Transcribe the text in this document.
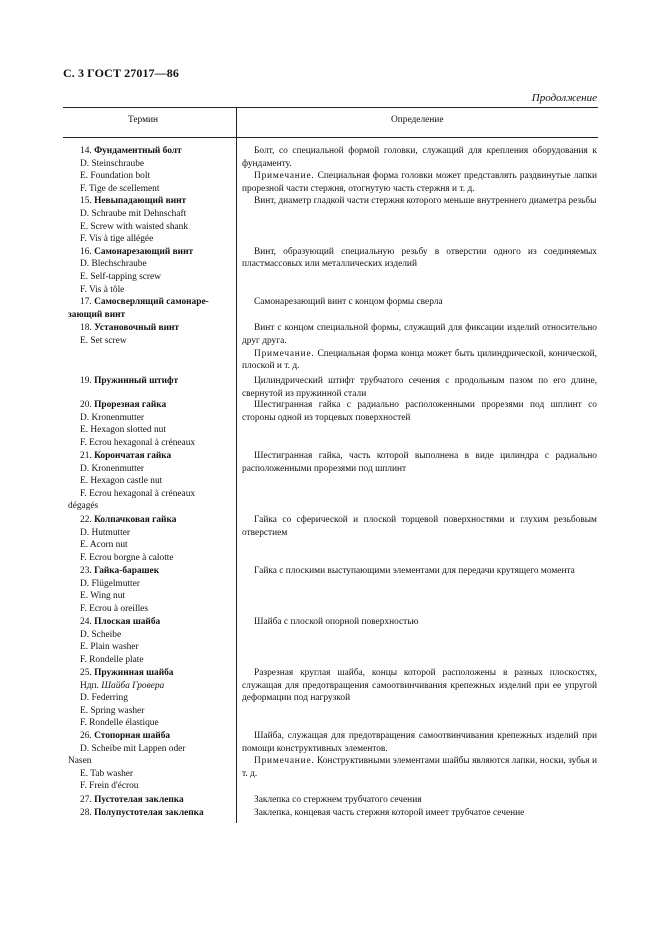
С. 3 ГОСТ 27017—86
Продолжение
Термин	Определение
14. Фундаментный болт
D. Steinschraube
E. Foundation bolt
F. Tige de scellement
15. Невыпадающий винт
D. Schraube mit Dehnschaft
E. Screw with waisted shank
F. Vis à tige allégée
16. Самонарезающий винт
D. Blechschraube
E. Self-tapping screw
F. Vis à tôle
17. Самосверлящий самонаре-
зающий винт
18. Установочный винт
E. Set screw
19. Пружинный штифт
20. Прорезная гайка
D. Kronenmutter
E. Hexagon slotted nut
F. Ecrou hexagonal à créneaux
21. Корончатая гайка
D. Kronenmutter
E. Hexagon castle nut
F. Ecrou hexagonal à créneaux
dégagés
22. Колпачковая гайка
D. Hutmutter
E. Acorn nut
F. Ecrou borgne à calotte
23. Гайка-барашек
D. Flügelmutter
E. Wing nut
F. Ecrou à oreilles
24. Плоская шайба
D. Scheibe
E. Plain washer
F. Rondelle plate
25. Пружинная шайба
Ндп. Шайба Гровера
D. Federring
E. Spring washer
F. Rondelle élastique
26. Стопорная шайба
D. Scheibe mit Lappen oder
Nasen
E. Tab washer
F. Frein d'écrou
27. Пустотелая заклепка
28. Полупустотелая заклепка
Болт, со специальной формой головки, служащий для крепления оборудования к фундаменту.
Примечание. Специальная форма головки может представлять раздвинутые лапки прорезной части стержня, отогнутую часть стержня и т. д.
Винт, диаметр гладкой части стержня которого меньше внутреннего диаметра резьбы
Винт, образующий специальную резьбу в отверстии одного из соединяемых пластмассовых или металлических изделий
Самонарезающий винт с концом формы сверла
Винт с концом специальной формы, служащий для фиксации изделий относительно друг друга.
Примечание. Специальная форма конца может быть цилиндрической, конической, плоской и т. д.
Цилиндрический штифт трубчатого сечения с продольным пазом по его длине, свернутой из пружинной стали
Шестигранная гайка с радиально расположенными прорезями под шплинт со стороны одной из торцевых поверхностей
Шестигранная гайка, часть которой выполнена в виде цилиндра с радиально расположенными прорезями под шплинт
Гайка со сферической и плоской торцевой поверхностями и глухим резьбовым отверстием
Гайка с плоскими выступающими элементами для передачи крутящего момента
Шайба с плоской опорной поверхностью
Разрезная круглая шайба, концы которой расположены в разных плоскостях, служащая для предотвращения самоотвинчивания крепежных изделий при ее упругой деформации под нагрузкой
Шайба, служащая для предотвращения самоотвинчивания крепежных изделий при помощи конструктивных элементов.
Примечание. Конструктивными элементами шайбы являются лапки, носки, зубья и т. д.
Заклепка со стержнем трубчатого сечения
Заклепка, концевая часть стержня которой имеет трубчатое сечение
